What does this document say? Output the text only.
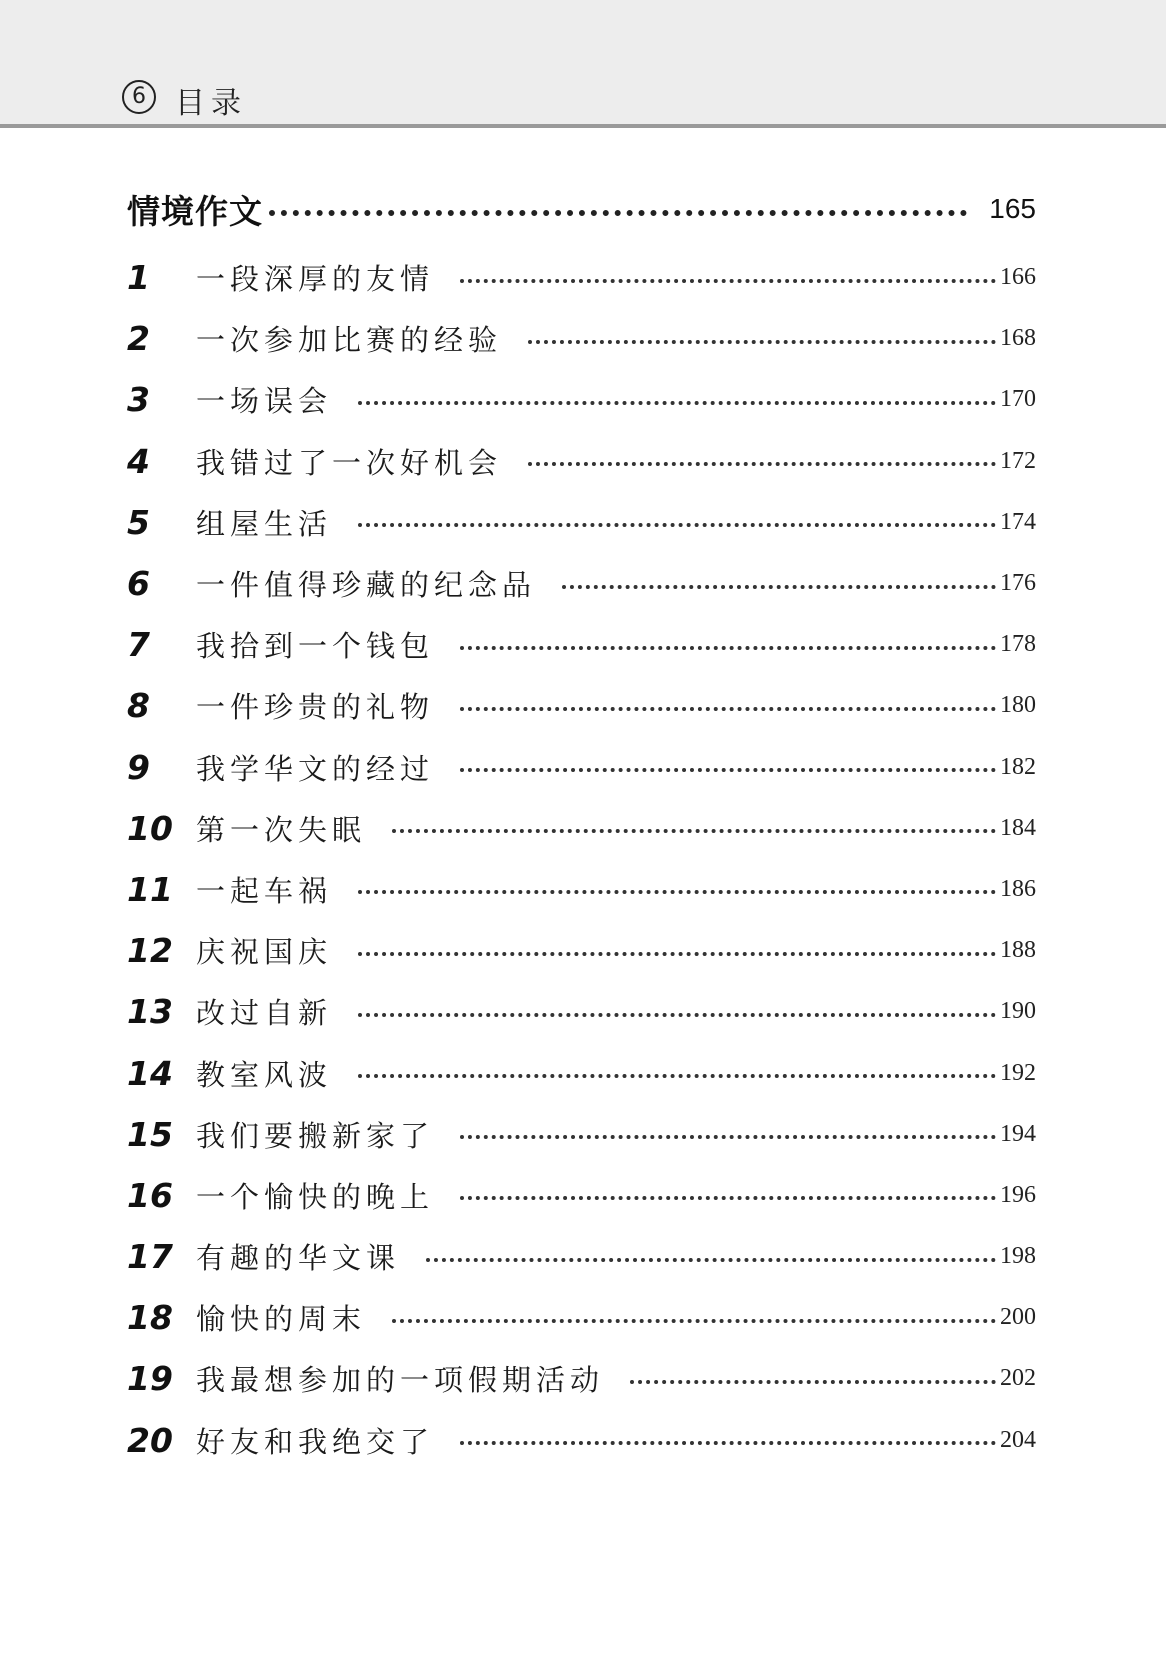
6 目录
情境作文	165
1	一段深厚的友情	166
2	一次参加比赛的经验	168
3	一场误会	170
4	我错过了一次好机会	172
5	组屋生活	174
6	一件值得珍藏的纪念品	176
7	我拾到一个钱包	178
8	一件珍贵的礼物	180
9	我学华文的经过	182
10 第一次失眠	184
11 一起车祸	186
12 庆祝国庆	188
13 改过自新	190
14 教室风波	192
15 我们要搬新家了	194
16 一个愉快的晚上	196
17 有趣的华文课	198
18 愉快的周末	200
19 我最想参加的一项假期活动	202
20 好友和我绝交了	204
